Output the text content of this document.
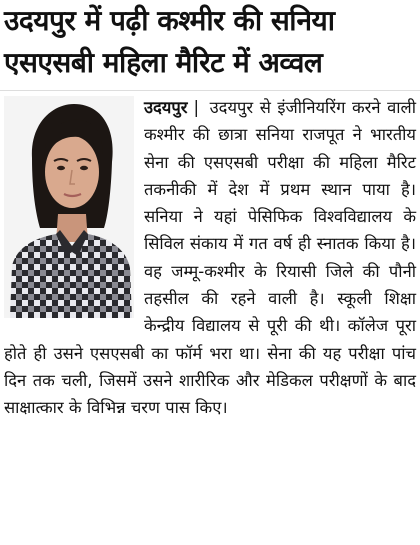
उदयपुर में पढ़ी कश्मीर की सनिया
एसएसबी महिला मैरिट में अव्वल
उदयपुर | उदयपुर से इंजीनियरिंग करने वाली कश्मीर की छात्रा सनिया राजपूत ने भारतीय सेना की एसएसबी परीक्षा की महिला मैरिट तकनीकी में देश में प्रथम स्थान पाया है। सनिया ने यहां पेसिफिक विश्वविद्यालय के सिविल संकाय में गत वर्ष ही स्नातक किया है। वह जम्मू-कश्मीर के रियासी जिले की पौनी तहसील की रहने वाली है। स्कूली शिक्षा केन्द्रीय विद्यालय से पूरी की थी। कॉलेज पूरा होते ही उसने एसएसबी का फॉर्म भरा था। सेना की यह परीक्षा पांच दिन तक चली, जिसमें उसने शारीरिक और मेडिकल परीक्षणों के बाद साक्षात्कार के विभिन्न चरण पास किए।
